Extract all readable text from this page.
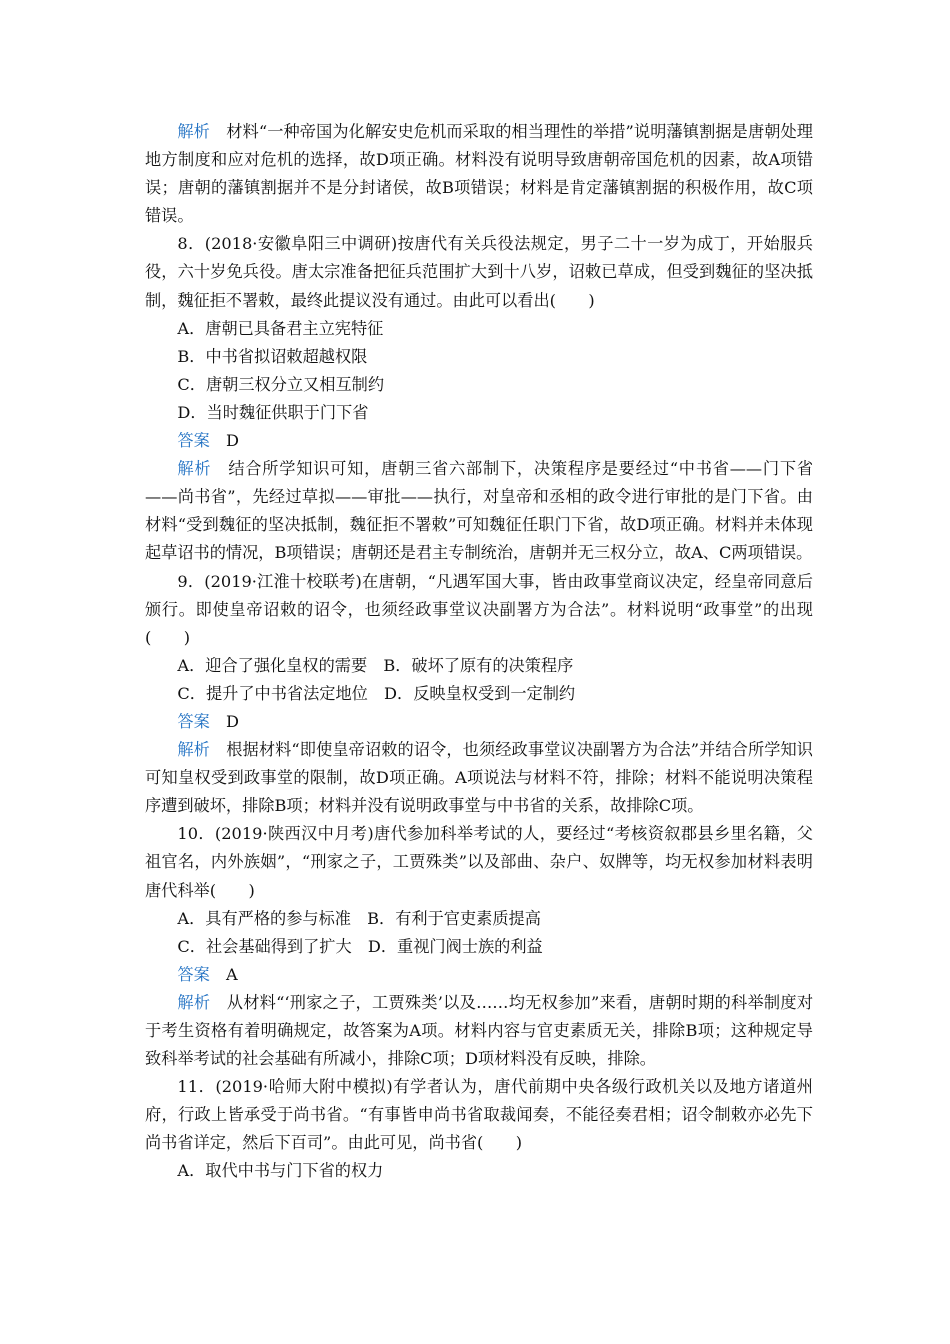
解析　 材料“一种帝国为化解安史危机而采取的相当理性的举措”说明藩镇割据是唐朝处理地方制度和应对危机的选择，故D项正确。材料没有说明导致唐朝帝国危机的因素，故A项错误；唐朝的藩镇割据并不是分封诸侯，故B项错误；材料是肯定藩镇割据的积极作用，故C项错误。

8．(2018·安徽阜阳三中调研)按唐代有关兵役法规定，男子二十一岁为成丁，开始服兵役，六十岁免兵役。唐太宗准备把征兵范围扩大到十八岁，诏敕已草成，但受到魏征的坚决抵制，魏征拒不署敕，最终此提议没有通过。由此可以看出(　　)

A．唐朝已具备君主立宪特征

B．中书省拟诏敕超越权限

C．唐朝三权分立又相互制约

D．当时魏征供职于门下省

答案　 D

解析　 结合所学知识可知，唐朝三省六部制下，决策程序是要经过“中书省——门下省——尚书省”，先经过草拟——审批——执行，对皇帝和丞相的政令进行审批的是门下省。由材料“受到魏征的坚决抵制，魏征拒不署敕”可知魏征任职门下省，故D项正确。材料并未体现起草诏书的情况，B项错误；唐朝还是君主专制统治，唐朝并无三权分立，故A、C两项错误。

9．(2019·江淮十校联考)在唐朝，“凡遇军国大事，皆由政事堂商议决定，经皇帝同意后颁行。即使皇帝诏敕的诏令，也须经政事堂议决副署方为合法”。材料说明“政事堂”的出现(　　)

A．迎合了强化皇权的需要　B．破坏了原有的决策程序

C．提升了中书省法定地位　D．反映皇权受到一定制约

答案　 D

解析　 根据材料“即使皇帝诏敕的诏令，也须经政事堂议决副署方为合法”并结合所学知识可知皇权受到政事堂的限制，故D项正确。A项说法与材料不符，排除；材料不能说明决策程序遭到破坏，排除B项；材料并没有说明政事堂与中书省的关系，故排除C项。

10．(2019·陕西汉中月考)唐代参加科举考试的人，要经过“考核资叙郡县乡里名籍，父祖官名，内外族姻”，“刑家之子，工贾殊类”以及部曲、杂户、奴牌等，均无权参加材料表明唐代科举(　　)

A．具有严格的参与标准　B．有利于官吏素质提高

C．社会基础得到了扩大　D．重视门阀士族的利益

答案　 A

解析　 从材料“‘刑家之子，工贾殊类’以及……均无权参加”来看，唐朝时期的科举制度对于考生资格有着明确规定，故答案为A项。材料内容与官吏素质无关，排除B项；这种规定导致科举考试的社会基础有所减小，排除C项；D项材料没有反映，排除。

11．(2019·哈师大附中模拟)有学者认为，唐代前期中央各级行政机关以及地方诸道州府，行政上皆承受于尚书省。“有事皆申尚书省取裁闻奏，不能径奏君相；诏令制敕亦必先下尚书省详定，然后下百司”。由此可见，尚书省(　　)

A．取代中书与门下省的权力
